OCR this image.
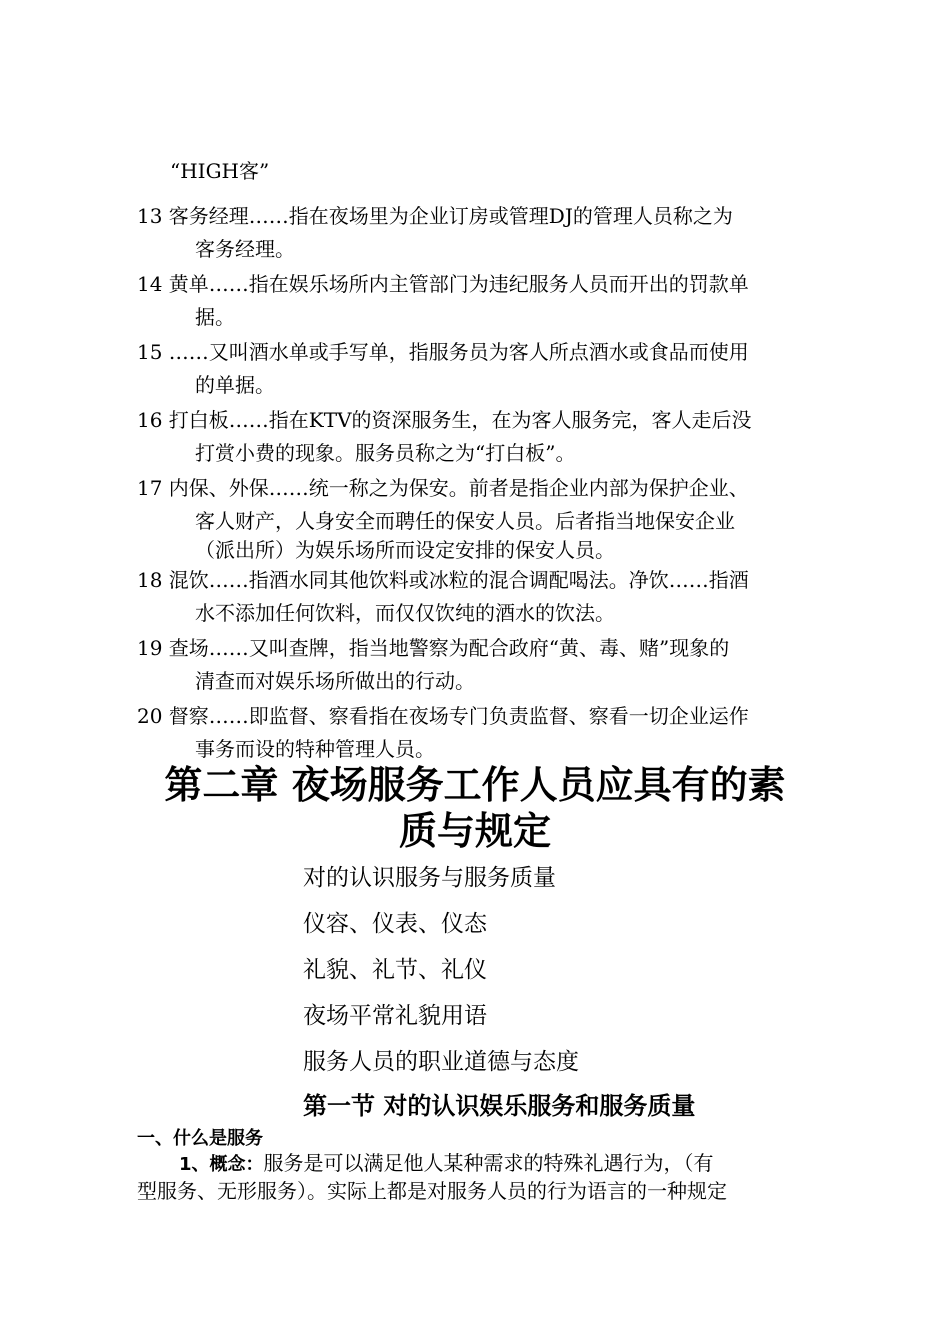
“HIGH客”
13 客务经理……指在夜场里为企业订房或管理DJ的管理人员称之为
客务经理。
14 黄单……指在娱乐场所内主管部门为违纪服务人员而开出的罚款单
据。
15 ……又叫酒水单或手写单，指服务员为客人所点酒水或食品而使用
的单据。
16 打白板……指在KTV的资深服务生，在为客人服务完，客人走后没
打赏小费的现象。服务员称之为“打白板”。
17 内保、外保……统一称之为保安。前者是指企业内部为保护企业、
客人财产，人身安全而聘任的保安人员。后者指当地保安企业
（派出所）为娱乐场所而设定安排的保安人员。
18 混饮……指酒水同其他饮料或冰粒的混合调配喝法。净饮……指酒
水不添加任何饮料，而仅仅饮纯的酒水的饮法。
19 查场……又叫查牌，指当地警察为配合政府“黄、毒、赌”现象的
清查而对娱乐场所做出的行动。
20 督察……即监督、察看指在夜场专门负责监督、察看一切企业运作
事务而设的特种管理人员。
第二章 夜场服务工作人员应具有的素
质与规定
对的认识服务与服务质量
仪容、仪表、仪态
礼貌、礼节、礼仪
夜场平常礼貌用语
服务人员的职业道德与态度
第一节 对的认识娱乐服务和服务质量
一、什么是服务
1、概念：服务是可以满足他人某种需求的特殊礼遇行为，（有
型服务、无形服务）。实际上都是对服务人员的行为语言的一种规定
